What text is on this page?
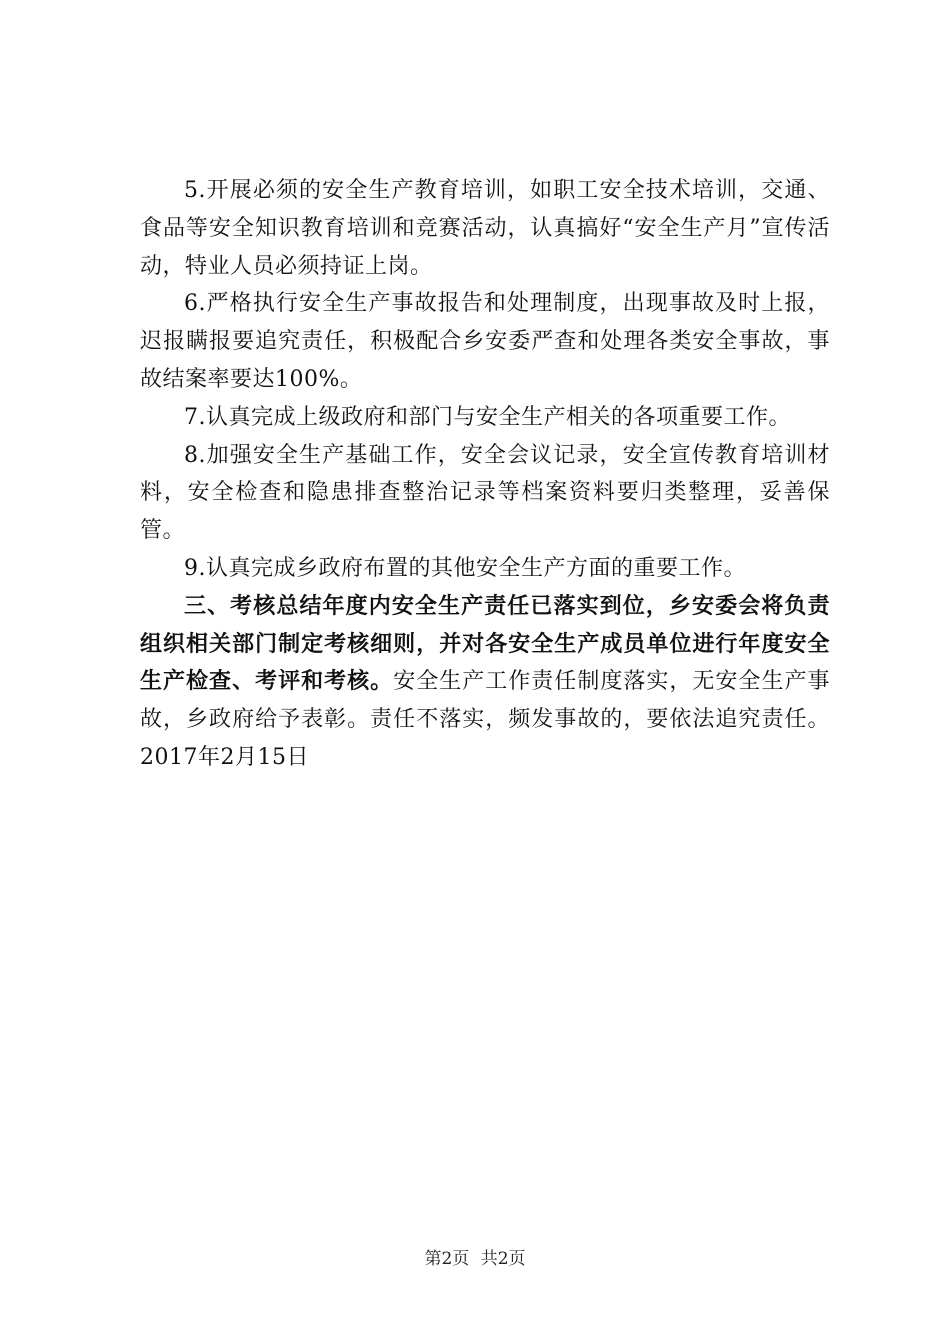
5.开展必须的安全生产教育培训，如职工安全技术培训，交通、食品等安全知识教育培训和竞赛活动，认真搞好“安全生产月”宣传活动，特业人员必须持证上岗。

6.严格执行安全生产事故报告和处理制度，出现事故及时上报，迟报瞒报要追究责任，积极配合乡安委严查和处理各类安全事故，事故结案率要达100%。

7.认真完成上级政府和部门与安全生产相关的各项重要工作。

8.加强安全生产基础工作，安全会议记录，安全宣传教育培训材料，安全检查和隐患排查整治记录等档案资料要归类整理，妥善保管。

9.认真完成乡政府布置的其他安全生产方面的重要工作。

三、考核总结年度内安全生产责任已落实到位，乡安委会将负责组织相关部门制定考核细则，并对各安全生产成员单位进行年度安全生产检查、考评和考核。安全生产工作责任制度落实，无安全生产事故，乡政府给予表彰。责任不落实，频发事故的，要依法追究责任。2017年2月15日

第2页 共2页
